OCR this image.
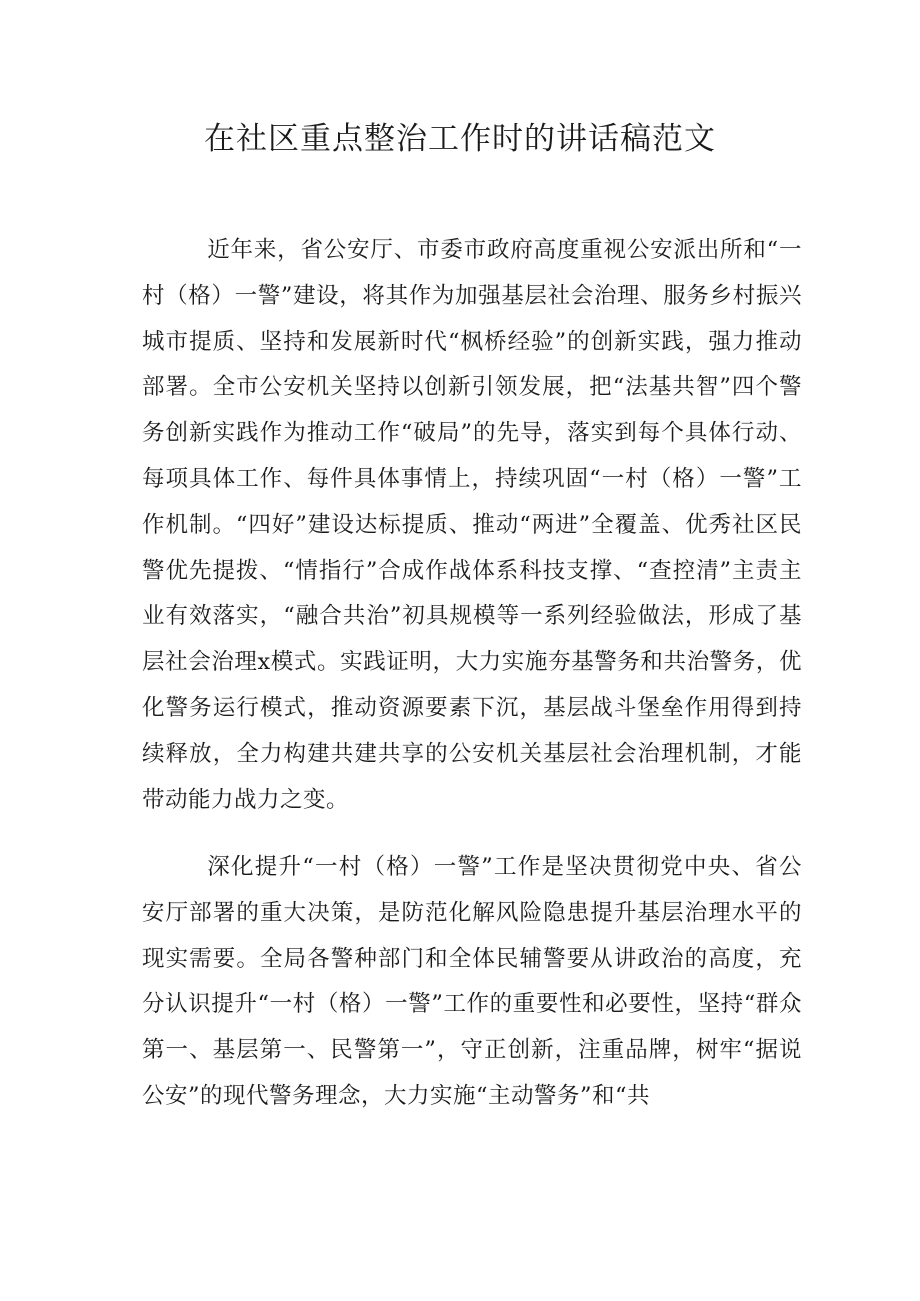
在社区重点整治工作时的讲话稿范文

近年来，省公安厅、市委市政府高度重视公安派出所和“一村（格）一警”建设，将其作为加强基层社会治理、服务乡村振兴城市提质、坚持和发展新时代“枫桥经验”的创新实践，强力推动部署。全市公安机关坚持以创新引领发展，把“法基共智”四个警务创新实践作为推动工作“破局”的先导，落实到每个具体行动、每项具体工作、每件具体事情上，持续巩固“一村（格）一警”工作机制。“四好”建设达标提质、推动“两进”全覆盖、优秀社区民警优先提拨、“情指行”合成作战体系科技支撑、“查控清”主责主业有效落实，“融合共治”初具规模等一系列经验做法，形成了基层社会治理x模式。实践证明，大力实施夯基警务和共治警务，优化警务运行模式，推动资源要素下沉，基层战斗堡垒作用得到持续释放，全力构建共建共享的公安机关基层社会治理机制，才能带动能力战力之变。

深化提升“一村（格）一警”工作是坚决贯彻党中央、省公安厅部署的重大决策，是防范化解风险隐患提升基层治理水平的现实需要。全局各警种部门和全体民辅警要从讲政治的高度，充分认识提升“一村（格）一警”工作的重要性和必要性，坚持“群众第一、基层第一、民警第一”，守正创新，注重品牌，树牢“据说公安”的现代警务理念，大力实施“主动警务”和“共
